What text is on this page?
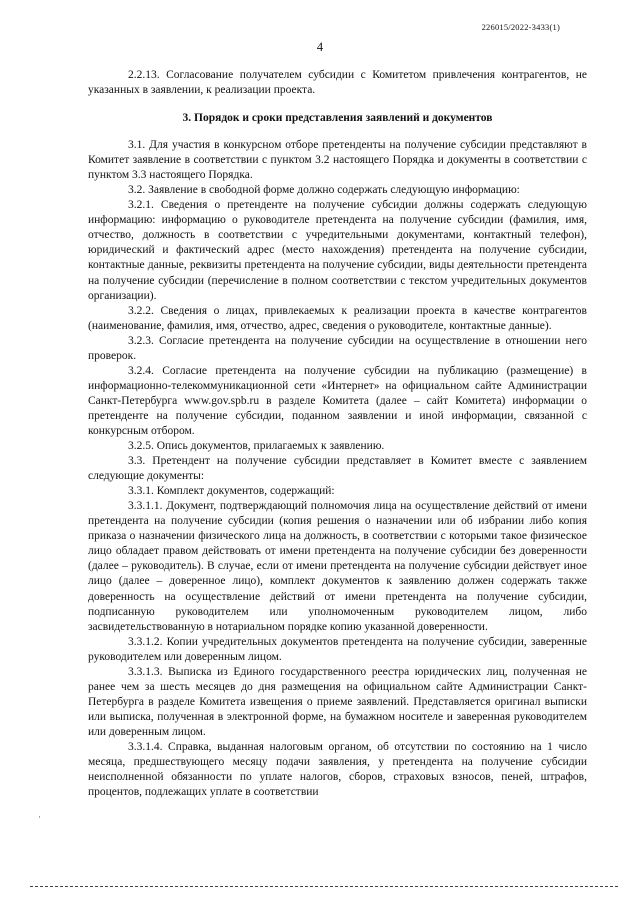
226015/2022-3433(1)
4

2.2.13. Согласование получателем субсидии с Комитетом привлечения контрагентов, не указанных в заявлении, к реализации проекта.

3. Порядок и сроки представления заявлений и документов

3.1. Для участия в конкурсном отборе претенденты на получение субсидии представляют в Комитет заявление в соответствии с пунктом 3.2 настоящего Порядка и документы в соответствии с пунктом 3.3 настоящего Порядка.

3.2. Заявление в свободной форме должно содержать следующую информацию:

3.2.1. Сведения о претенденте на получение субсидии должны содержать следующую информацию: информацию о руководителе претендента на получение субсидии (фамилия, имя, отчество, должность в соответствии с учредительными документами, контактный телефон), юридический и фактический адрес (место нахождения) претендента на получение субсидии, контактные данные, реквизиты претендента на получение субсидии, виды деятельности претендента на получение субсидии (перечисление в полном соответствии с текстом учредительных документов организации).

3.2.2. Сведения о лицах, привлекаемых к реализации проекта в качестве контрагентов (наименование, фамилия, имя, отчество, адрес, сведения о руководителе, контактные данные).

3.2.3. Согласие претендента на получение субсидии на осуществление в отношении него проверок.

3.2.4. Согласие претендента на получение субсидии на публикацию (размещение) в информационно-телекоммуникационной сети «Интернет» на официальном сайте Администрации Санкт-Петербурга www.gov.spb.ru в разделе Комитета (далее – сайт Комитета) информации о претенденте на получение субсидии, поданном заявлении и иной информации, связанной с конкурсным отбором.

3.2.5. Опись документов, прилагаемых к заявлению.

3.3. Претендент на получение субсидии представляет в Комитет вместе с заявлением следующие документы:

3.3.1. Комплект документов, содержащий:

3.3.1.1. Документ, подтверждающий полномочия лица на осуществление действий от имени претендента на получение субсидии (копия решения о назначении или об избрании либо копия приказа о назначении физического лица на должность, в соответствии с которыми такое физическое лицо обладает правом действовать от имени претендента на получение субсидии без доверенности (далее – руководитель). В случае, если от имени претендента на получение субсидии действует иное лицо (далее – доверенное лицо), комплект документов к заявлению должен содержать также доверенность на осуществление действий от имени претендента на получение субсидии, подписанную руководителем или уполномоченным руководителем лицом, либо засвидетельствованную в нотариальном порядке копию указанной доверенности.

3.3.1.2. Копии учредительных документов претендента на получение субсидии, заверенные руководителем или доверенным лицом.

3.3.1.3. Выписка из Единого государственного реестра юридических лиц, полученная не ранее чем за шесть месяцев до дня размещения на официальном сайте Администрации Санкт-Петербурга в разделе Комитета извещения о приеме заявлений. Представляется оригинал выписки или выписка, полученная в электронной форме, на бумажном носителе и заверенная руководителем или доверенным лицом.

3.3.1.4. Справка, выданная налоговым органом, об отсутствии по состоянию на 1 число месяца, предшествующего месяцу подачи заявления, у претендента на получение субсидии неисполненной обязанности по уплате налогов, сборов, страховых взносов, пеней, штрафов, процентов, подлежащих уплате в соответствии

·
